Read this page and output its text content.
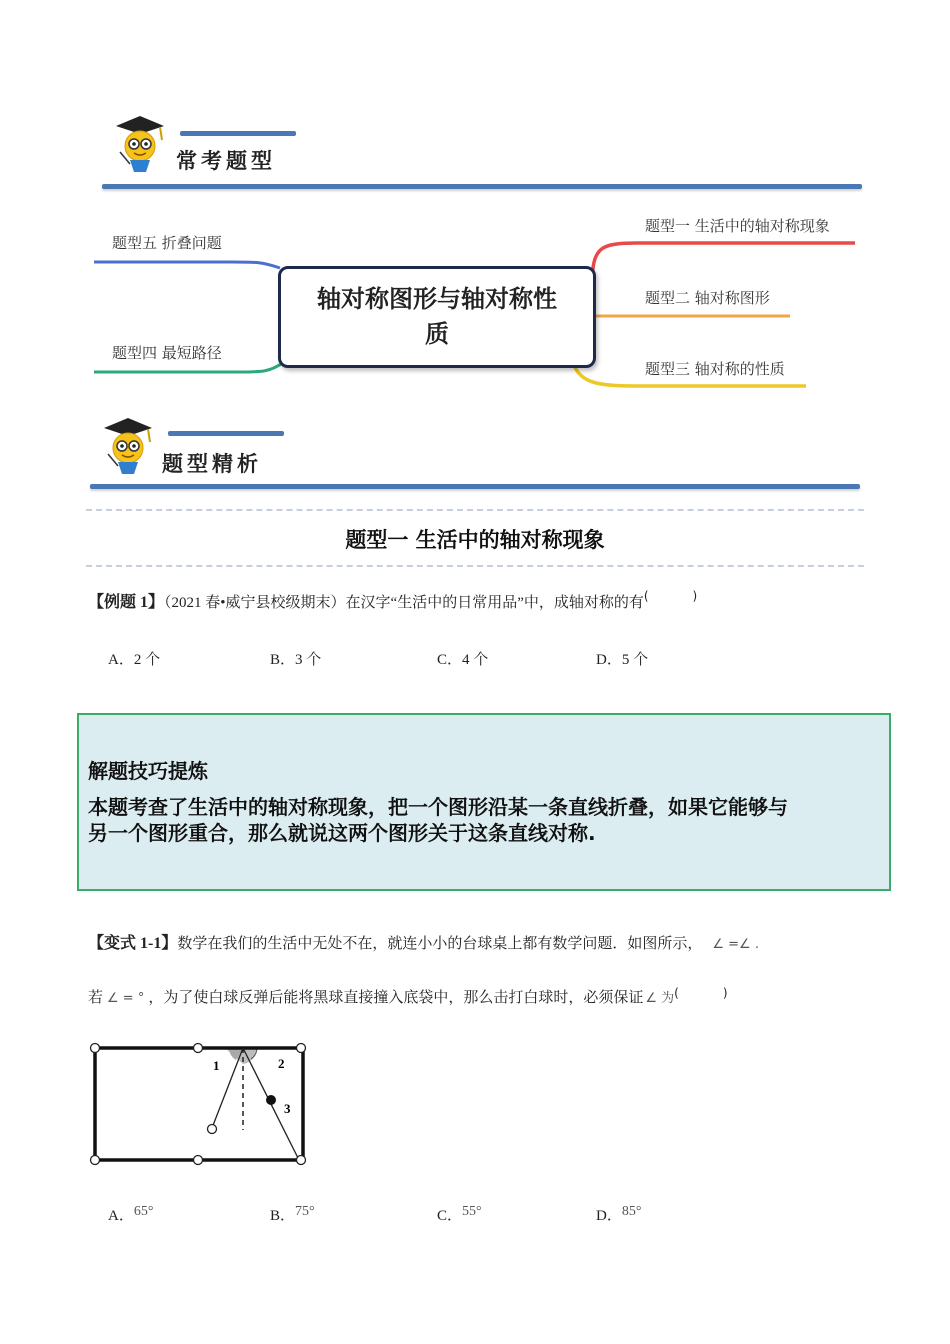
常考题型
题型一 生活中的轴对称现象
题型二 轴对称图形
题型三 轴对称的性质
题型五 折叠问题
题型四 最短路径
轴对称图形与轴对称性
质
题型精析
题型一 生活中的轴对称现象
【例题 1】（2021 春•威宁县校级期末）在汉字“生活中的日常用品”中，成轴对称的有(	)
A．2 个	B．3 个	C．4 个	D．5 个
解题技巧提炼
本题考查了生活中的轴对称现象，把一个图形沿某一条直线折叠，如果它能够与
另一个图形重合，那么就说这两个图形关于这条直线对称.
【变式 1-1】数学在我们的生活中无处不在，就连小小的台球桌上都有数学问题．如图所示， ∠ =∠ .
若 ∠ = ° ，为了使白球反弹后能将黑球直接撞入底袋中，那么击打白球时，必须保证 ∠ 为(	)
1	2
3
A．65°	B．75°	C．55°	D．85°
